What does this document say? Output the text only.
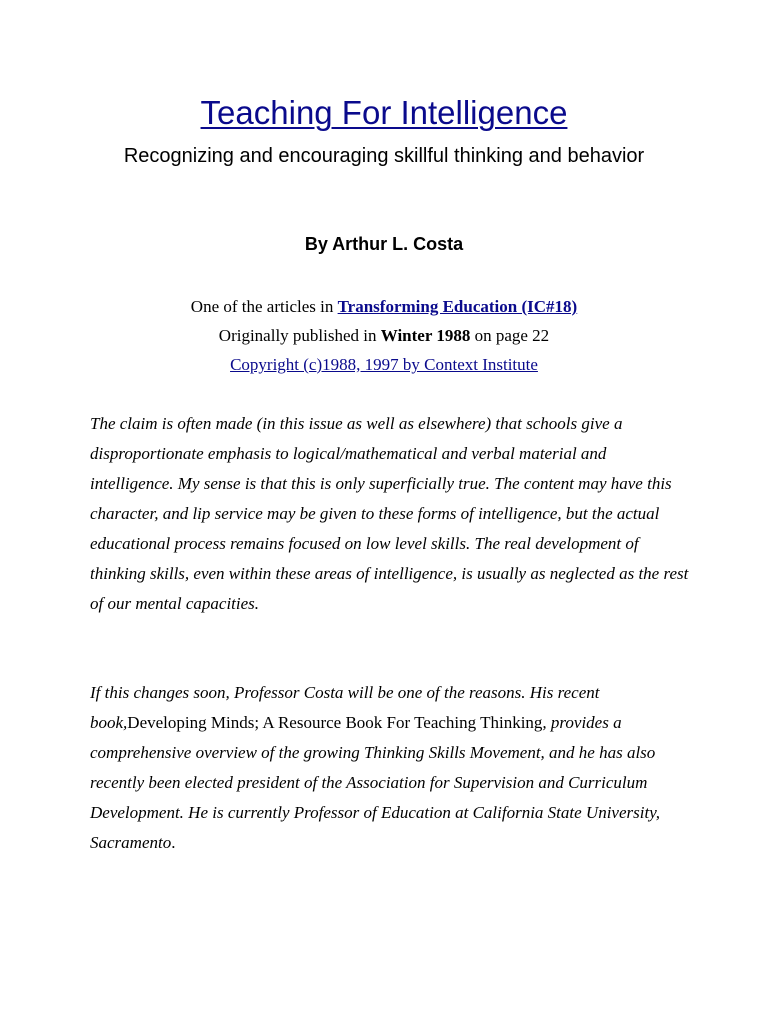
Teaching For Intelligence
Recognizing and encouraging skillful thinking and behavior

By Arthur L. Costa

One of the articles in Transforming Education (IC#18)
Originally published in Winter 1988 on page 22
Copyright (c)1988, 1997 by Context Institute

The claim is often made (in this issue as well as elsewhere) that schools give a disproportionate emphasis to logical/mathematical and verbal material and intelligence. My sense is that this is only superficially true. The content may have this character, and lip service may be given to these forms of intelligence, but the actual educational process remains focused on low level skills. The real development of thinking skills, even within these areas of intelligence, is usually as neglected as the rest of our mental capacities.

If this changes soon, Professor Costa will be one of the reasons. His recent book,Developing Minds; A Resource Book For Teaching Thinking, provides a comprehensive overview of the growing Thinking Skills Movement, and he has also recently been elected president of the Association for Supervision and Curriculum Development. He is currently Professor of Education at California State University, Sacramento.
